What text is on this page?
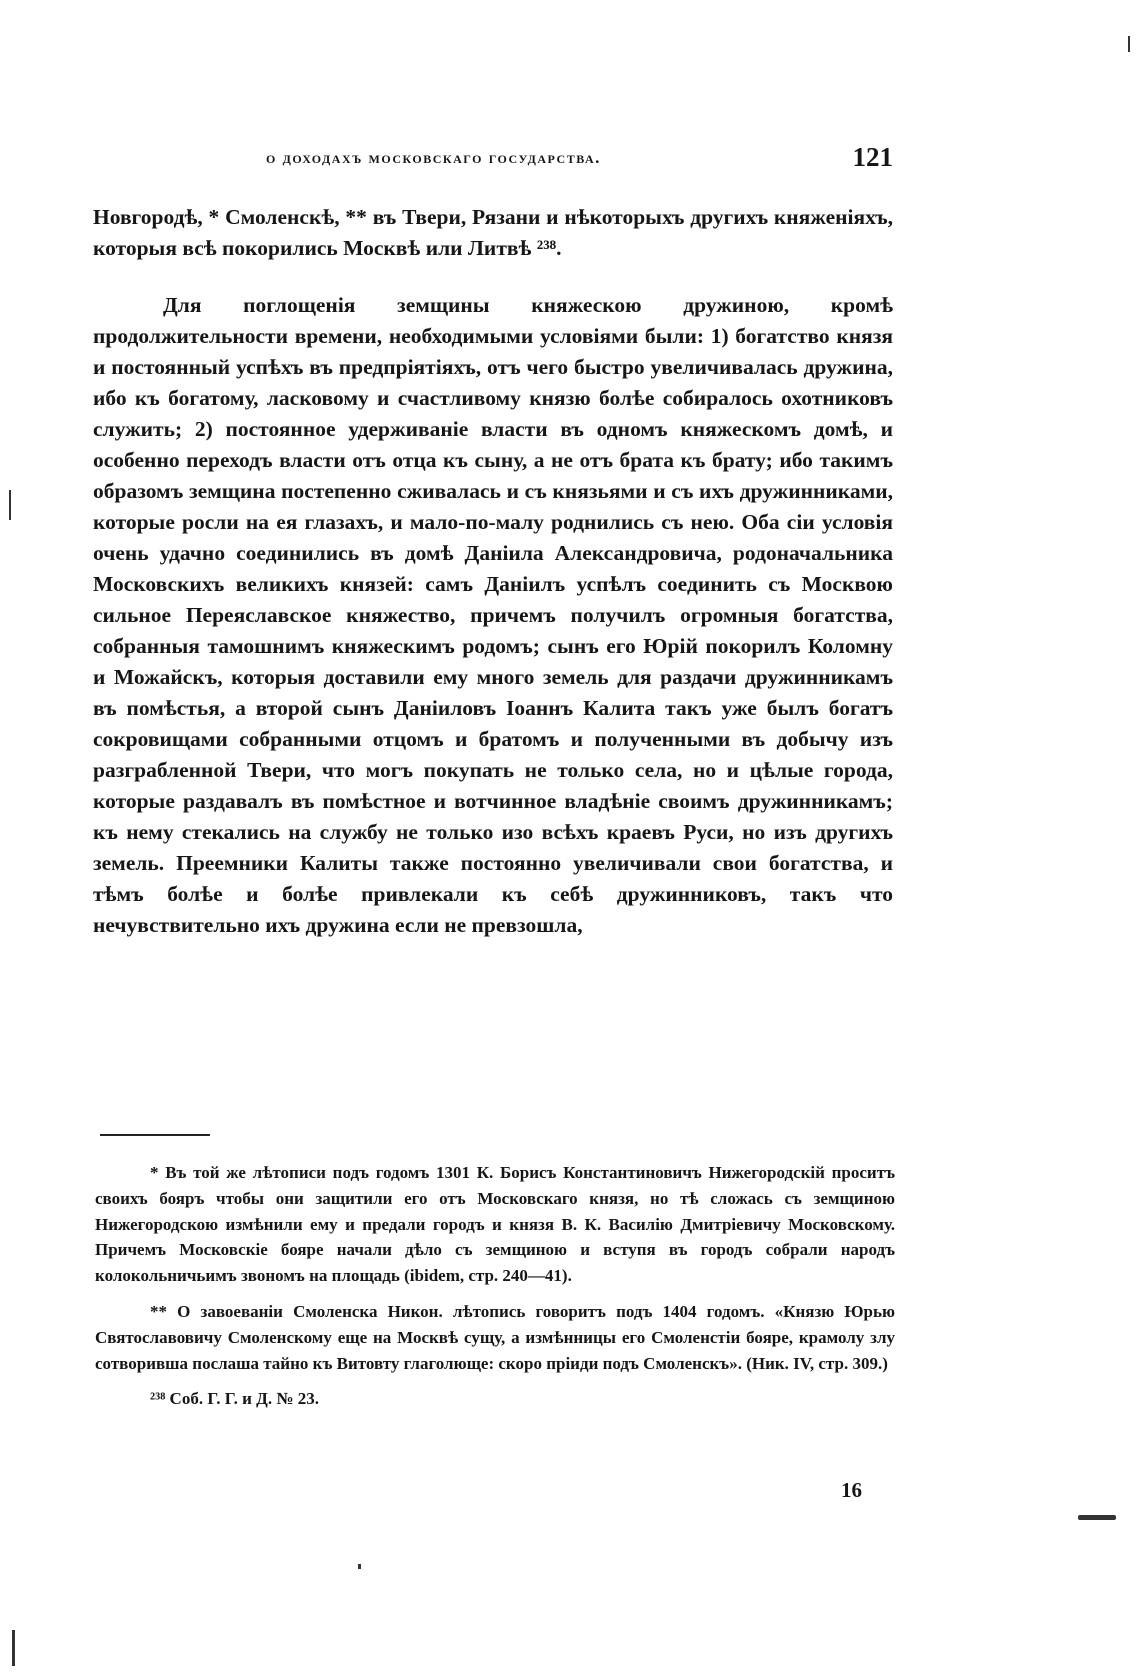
о доходахъ московскаго государства.	121

Новгородѣ, * Смоленскѣ, ** въ Твери, Рязани и нѣкоторыхъ другихъ княженіяхъ, которыя всѣ покорились Москвѣ или Литвѣ ²³⁸.

Для поглощенія земщины княжескою дружиною, кромѣ продолжительности времени, необходимыми условіями были: 1) богатство князя и постоянный успѣхъ въ предпріятіяхъ, отъ чего быстро увеличивалась дружина, ибо къ богатому, ласковому и счастливому князю болѣе собиралось охотниковъ служить; 2) постоянное удерживаніе власти въ одномъ княжескомъ домѣ, и особенно переходъ власти отъ отца къ сыну, а не отъ брата къ брату; ибо такимъ образомъ земщина постепенно сживалась и съ князьями и съ ихъ дружинниками, которые росли на ея глазахъ, и мало-по-малу роднились съ нею. Оба сіи условія очень удачно соединились въ домѣ Даніила Александровича, родоначальника Московскихъ великихъ князей: самъ Даніилъ успѣлъ соединить съ Москвою сильное Переяславское княжество, причемъ получилъ огромныя богатства, собранныя тамошнимъ княжескимъ родомъ; сынъ его Юрій покорилъ Коломну и Можайскъ, которыя доставили ему много земель для раздачи дружинникамъ въ помѣстья, а второй сынъ Даніиловъ Іоаннъ Калита такъ уже былъ богатъ сокровищами собранными отцомъ и братомъ и полученными въ добычу изъ разграбленной Твери, что могъ покупать не только села, но и цѣлые города, которые раздавалъ въ помѣстное и вотчинное владѣніе своимъ дружинникамъ; къ нему стекались на службу не только изо всѣхъ краевъ Руси, но изъ другихъ земель. Преемники Калиты также постоянно увеличивали свои богатства, и тѣмъ болѣе и болѣе привлекали къ себѣ дружинниковъ, такъ что нечувствительно ихъ дружина если не превзошла,

* Въ той же лѣтописи подъ годомъ 1301 К. Борисъ Константиновичъ Нижегородскій проситъ своихъ бояръ чтобы они защитили его отъ Московскаго князя, но тѣ сложась съ земщиною Нижегородскою измѣнили ему и предали городъ и князя В. К. Василію Дмитріевичу Московскому. Причемъ Московскіе бояре начали дѣло съ земщиною и вступя въ городъ собрали народъ колокольничьимъ звономъ на площадь (ibidem, стр. 240—41).

** О завоеваніи Смоленска Никон. лѣтопись говоритъ подъ 1404 годомъ. «Князю Юрью Святославовичу Смоленскому еще на Москвѣ сущу, а измѣнницы его Смоленстіи бояре, крамолу злу сотворивша послаша тайно къ Витовту глаголюще: скоро пріиди подъ Смоленскъ». (Ник. IV, стр. 309.)

²³⁸ Соб. Г. Г. и Д. № 23.

16
